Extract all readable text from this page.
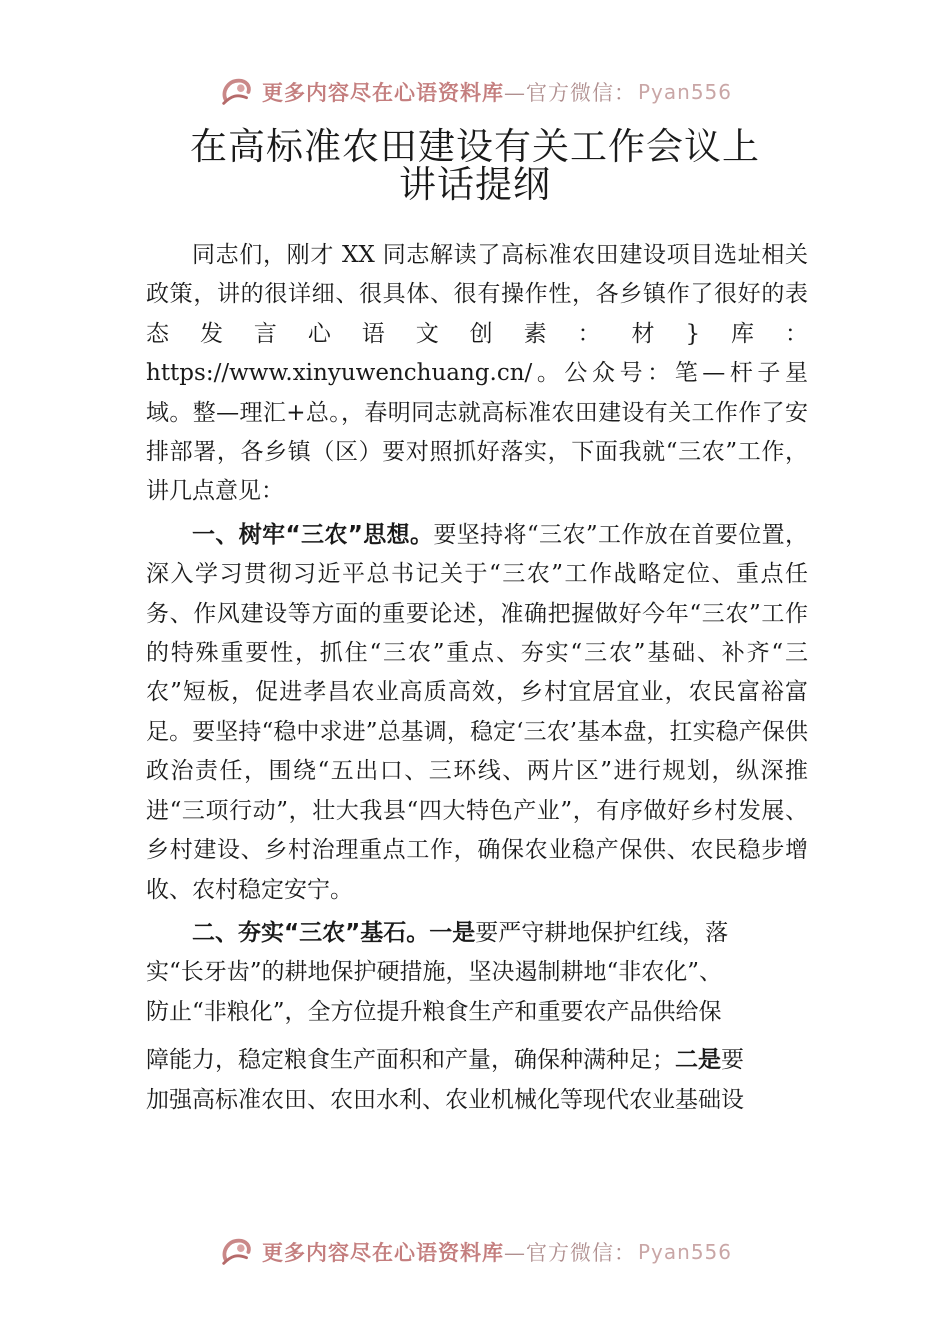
更多内容尽在心语资料库 —官方微信： Pyan556
在高标准农田建设有关工作会议上
讲话提纲

同志们，刚才 XX 同志解读了高标准农田建设项目选址相关政策，讲的很详细、很具体、很有操作性，各乡镇作了很好的表态发言心语文创素：材}库：https://www.xinyuwenchuang.cn/。公众号：笔—杆子星域。整—理汇+总。，春明同志就高标准农田建设有关工作作了安排部署，各乡镇（区）要对照抓好落实，下面我就“三农”工作，讲几点意见：

一、树牢“三农”思想。要坚持将“三农”工作放在首要位置，深入学习贯彻习近平总书记关于“三农”工作战略定位、重点任务、作风建设等方面的重要论述，准确把握做好今年“三农”工作的特殊重要性，抓住“三农”重点、夯实“三农”基础、补齐“三农”短板，促进孝昌农业高质高效，乡村宜居宜业，农民富裕富足。要坚持“稳中求进”总基调，稳定‘三农’基本盘，扛实稳产保供政治责任，围绕“五出口、三环线、两片区”进行规划，纵深推进“三项行动”，壮大我县“四大特色产业”，有序做好乡村发展、乡村建设、乡村治理重点工作，确保农业稳产保供、农民稳步增收、农村稳定安宁。

二、夯实“三农”基石。一是要严守耕地保护红线，落
实“长牙齿”的耕地保护硬措施，坚决遏制耕地“非农化”、
防止“非粮化”，全方位提升粮食生产和重要农产品供给保
障能力，稳定粮食生产面积和产量，确保种满种足；二是要
加强高标准农田、农田水利、农业机械化等现代农业基础设

更多内容尽在心语资料库 —官方微信： Pyan556
